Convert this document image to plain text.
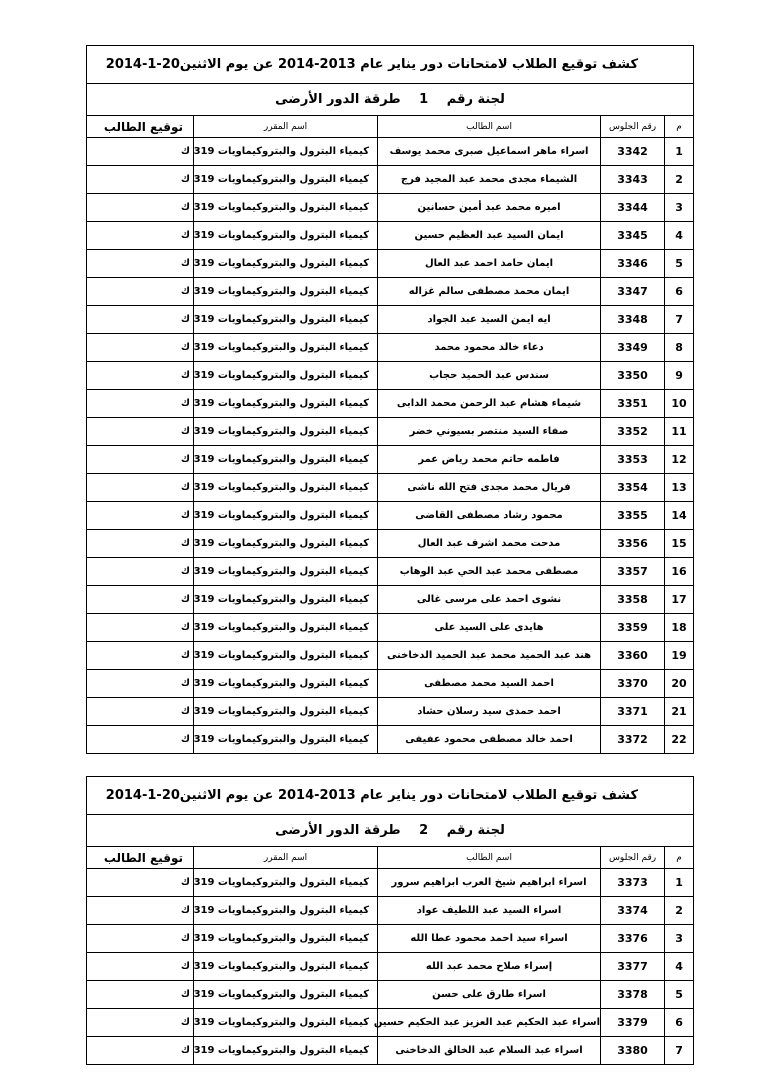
كشف توقيع الطلاب لامتحانات دور يناير عام 2013-2014 عن يوم الاثنين
2014-1-20				

لجنة رقم 1 طرقة الدور الأرضى				
م	رقم الجلوس	اسم الطالب	اسم المقرر	توقيع الطالب
1	3342	اسراء ماهر اسماعيل صبرى محمد يوسف	كيمياء البترول والبتروكيماويات 319 ك	
2	3343	الشيماء مجدى محمد عبد المجيد فرج	كيمياء البترول والبتروكيماويات 319 ك	
3	3344	اميره محمد عبد أمين حسانين	كيمياء البترول والبتروكيماويات 319 ك	
4	3345	ايمان السيد عبد العظيم حسين	كيمياء البترول والبتروكيماويات 319 ك	
5	3346	ايمان حامد احمد عبد العال	كيمياء البترول والبتروكيماويات 319 ك	
6	3347	ايمان محمد مصطفى سالم غزاله	كيمياء البترول والبتروكيماويات 319 ك	
7	3348	ايه ايمن السيد عبد الجواد	كيمياء البترول والبتروكيماويات 319 ك	
8	3349	دعاء خالد محمود محمد	كيمياء البترول والبتروكيماويات 319 ك	
9	3350	سندس عبد الحميد حجاب	كيمياء البترول والبتروكيماويات 319 ك	
10	3351	شيماء هشام عبد الرحمن محمد الدابى	كيمياء البترول والبتروكيماويات 319 ك	
11	3352	صفاء السيد منتصر بسيوني خضر	كيمياء البترول والبتروكيماويات 319 ك	
12	3353	فاطمه حاتم محمد رياض عمر	كيمياء البترول والبتروكيماويات 319 ك	
13	3354	فريال محمد مجدى فتح الله ناشى	كيمياء البترول والبتروكيماويات 319 ك	
14	3355	محمود رشاد مصطفى القاضى	كيمياء البترول والبتروكيماويات 319 ك	
15	3356	مدحت محمد اشرف عبد العال	كيمياء البترول والبتروكيماويات 319 ك	
16	3357	مصطفى محمد عبد الحي عبد الوهاب	كيمياء البترول والبتروكيماويات 319 ك	
17	3358	نشوى احمد على مرسى غالى	كيمياء البترول والبتروكيماويات 319 ك	
18	3359	هايدى على السيد على	كيمياء البترول والبتروكيماويات 319 ك	
19	3360	هند عبد الحميد محمد عبد الحميد الدخاخنى	كيمياء البترول والبتروكيماويات 319 ك	
20	3370	احمد السيد محمد مصطفى	كيمياء البترول والبتروكيماويات 319 ك	
21	3371	احمد حمدى سيد رسلان حشاد	كيمياء البترول والبتروكيماويات 319 ك	
22	3372	احمد خالد مصطفى محمود عفيفى	كيمياء البترول والبتروكيماويات 319 ك	
كشف توقيع الطلاب لامتحانات دور يناير عام 2013-2014 عن يوم الاثنين
2014-1-20				

لجنة رقم 2 طرقة الدور الأرضى				
م	رقم الجلوس	اسم الطالب	اسم المقرر	توقيع الطالب
1	3373	اسراء ابراهيم شيخ العرب ابراهيم سرور	كيمياء البترول والبتروكيماويات 319 ك	
2	3374	اسراء السيد عبد اللطيف عواد	كيمياء البترول والبتروكيماويات 319 ك	
3	3376	اسراء سيد احمد محمود عطا الله	كيمياء البترول والبتروكيماويات 319 ك	
4	3377	إسراء صلاح محمد عبد الله	كيمياء البترول والبتروكيماويات 319 ك	
5	3378	اسراء طارق على حسن	كيمياء البترول والبتروكيماويات 319 ك	
6	3379	اسراء عبد الحكيم عبد العزيز عبد الحكيم حسين	كيمياء البترول والبتروكيماويات 319 ك	
7	3380	اسراء عبد السلام عبد الخالق الدخاخنى	كيمياء البترول والبتروكيماويات 319 ك	
